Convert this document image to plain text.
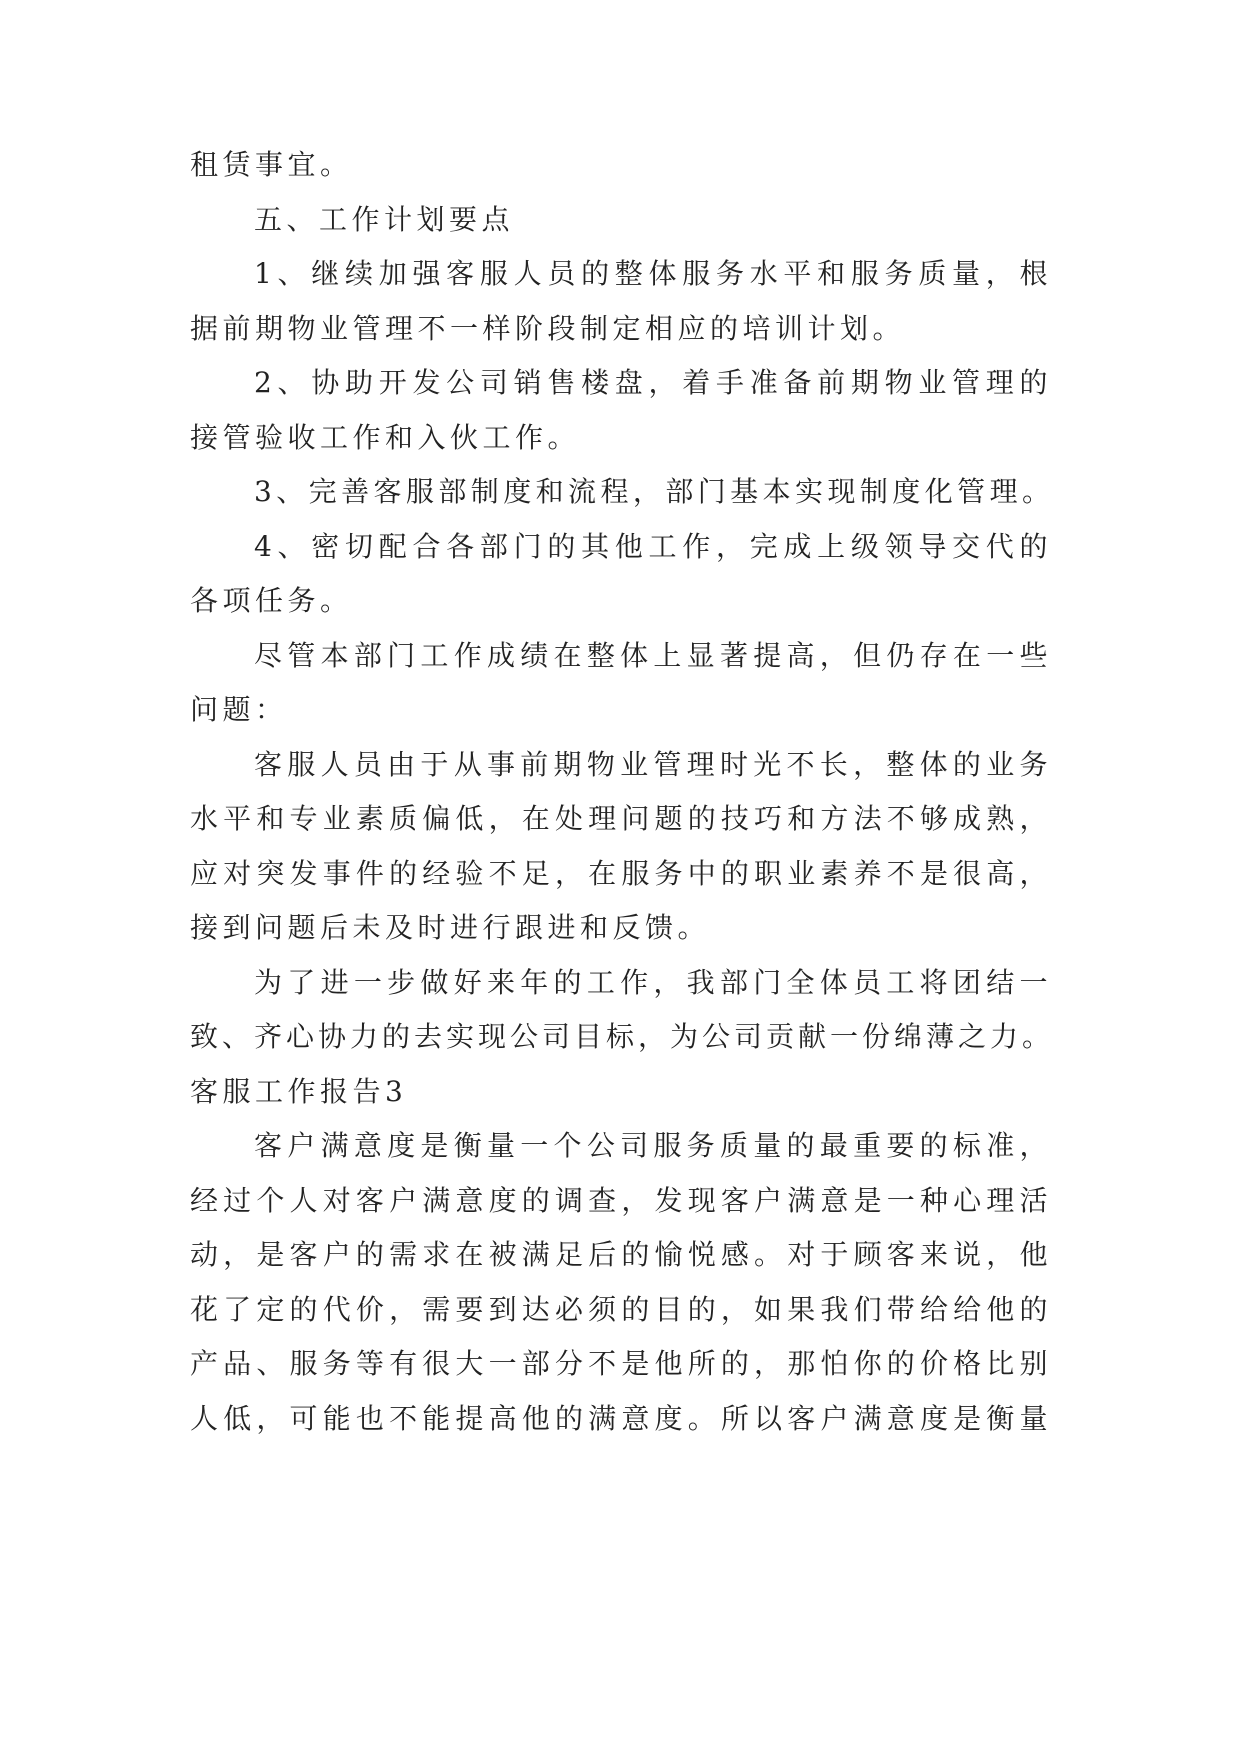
租赁事宜。
五、工作计划要点
1、继续加强客服人员的整体服务水平和服务质量，根
据前期物业管理不一样阶段制定相应的培训计划。
2、协助开发公司销售楼盘，着手准备前期物业管理的
接管验收工作和入伙工作。
3、完善客服部制度和流程，部门基本实现制度化管理。
4、密切配合各部门的其他工作，完成上级领导交代的
各项任务。
尽管本部门工作成绩在整体上显著提高，但仍存在一些
问题：
客服人员由于从事前期物业管理时光不长，整体的业务
水平和专业素质偏低，在处理问题的技巧和方法不够成熟，
应对突发事件的经验不足，在服务中的职业素养不是很高，
接到问题后未及时进行跟进和反馈。
为了进一步做好来年的工作，我部门全体员工将团结一
致、齐心协力的去实现公司目标，为公司贡献一份绵薄之力。
客服工作报告3
客户满意度是衡量一个公司服务质量的最重要的标准，
经过个人对客户满意度的调查，发现客户满意是一种心理活
动，是客户的需求在被满足后的愉悦感。对于顾客来说，他
花了定的代价，需要到达必须的目的，如果我们带给给他的
产品、服务等有很大一部分不是他所的，那怕你的价格比别
人低，可能也不能提高他的满意度。所以客户满意度是衡量
